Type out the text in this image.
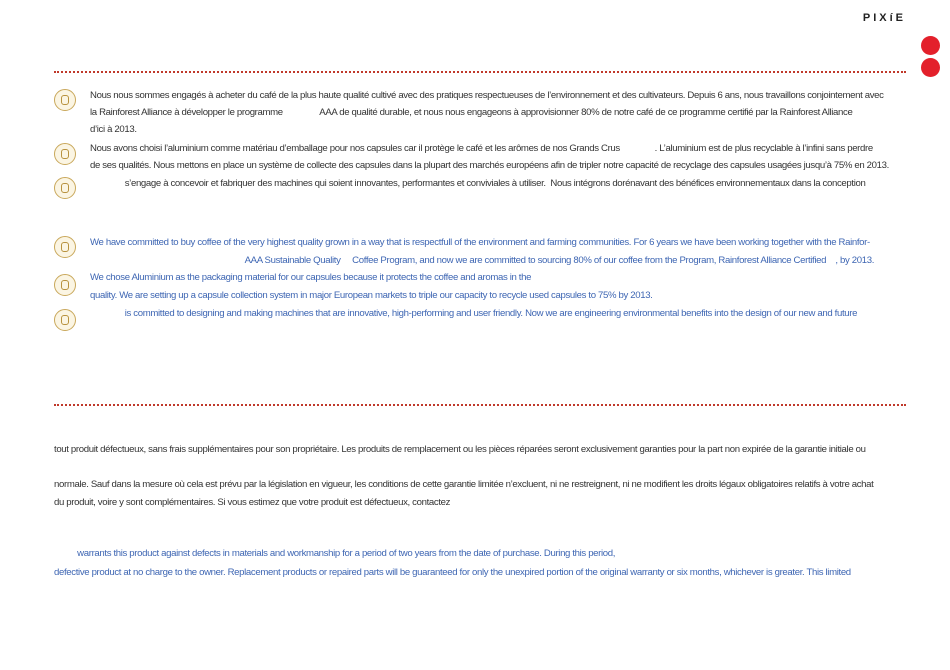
PIXíE
Nous nous sommes engagés à acheter du café de la plus haute qualité cultivé avec des pratiques respectueuses de l’environnement et des cultivateurs. Depuis 6 ans, nous travaillons conjointement avec
la Rainforest Alliance à développer le programme                AAA de qualité durable, et nous nous engageons à approvisionner 80% de notre café de ce programme certifié par la Rainforest Alliance
d’ici à 2013.
Nous avons choisi l’aluminium comme matériau d’emballage pour nos capsules car il protège le café et les arômes de nos Grands Crus               . L’aluminium est de plus recyclable à l’infini sans perdre
de ses qualités. Nous mettons en place un système de collecte des capsules dans la plupart des marchés européens afin de tripler notre capacité de recyclage des capsules usagées jusqu’à 75% en 2013.
s’engage à concevoir et fabriquer des machines qui soient innovantes, performantes et conviviales à utiliser.  Nous intégrons dorénavant des bénéfices environnementaux dans la conception
We have committed to buy coffee of the very highest quality grown in a way that is respectfull of the environment and farming communities. For 6 years we have been working together with the Rainfor-
AAA Sustainable Quality     Coffee Program, and now we are committed to sourcing 80% of our coffee from the Program, Rainforest Alliance Certified    , by 2013.
We chose Aluminium as the packaging material for our capsules because it protects the coffee and aromas in the
quality. We are setting up a capsule collection system in major European markets to triple our capacity to recycle used capsules to 75% by 2013.
is committed to designing and making machines that are innovative, high-performing and user friendly. Now we are engineering environmental benefits into the design of our new and future
tout produit défectueux, sans frais supplémentaires pour son propriétaire. Les produits de remplacement ou les pièces réparées seront exclusivement garanties pour la part non expirée de la garantie initiale ou
normale. Sauf dans la mesure où cela est prévu par la législation en vigueur, les conditions de cette garantie limitée n’excluent, ni ne restreignent, ni ne modifient les droits légaux obligatoires relatifs à votre achat
du produit, voire y sont complémentaires. Si vous estimez que votre produit est défectueux, contactez
warrants this product against defects in materials and workmanship for a period of two years from the date of purchase. During this period,
defective product at no charge to the owner. Replacement products or repaired parts will be guaranteed for only the unexpired portion of the original warranty or six months, whichever is greater. This limited
